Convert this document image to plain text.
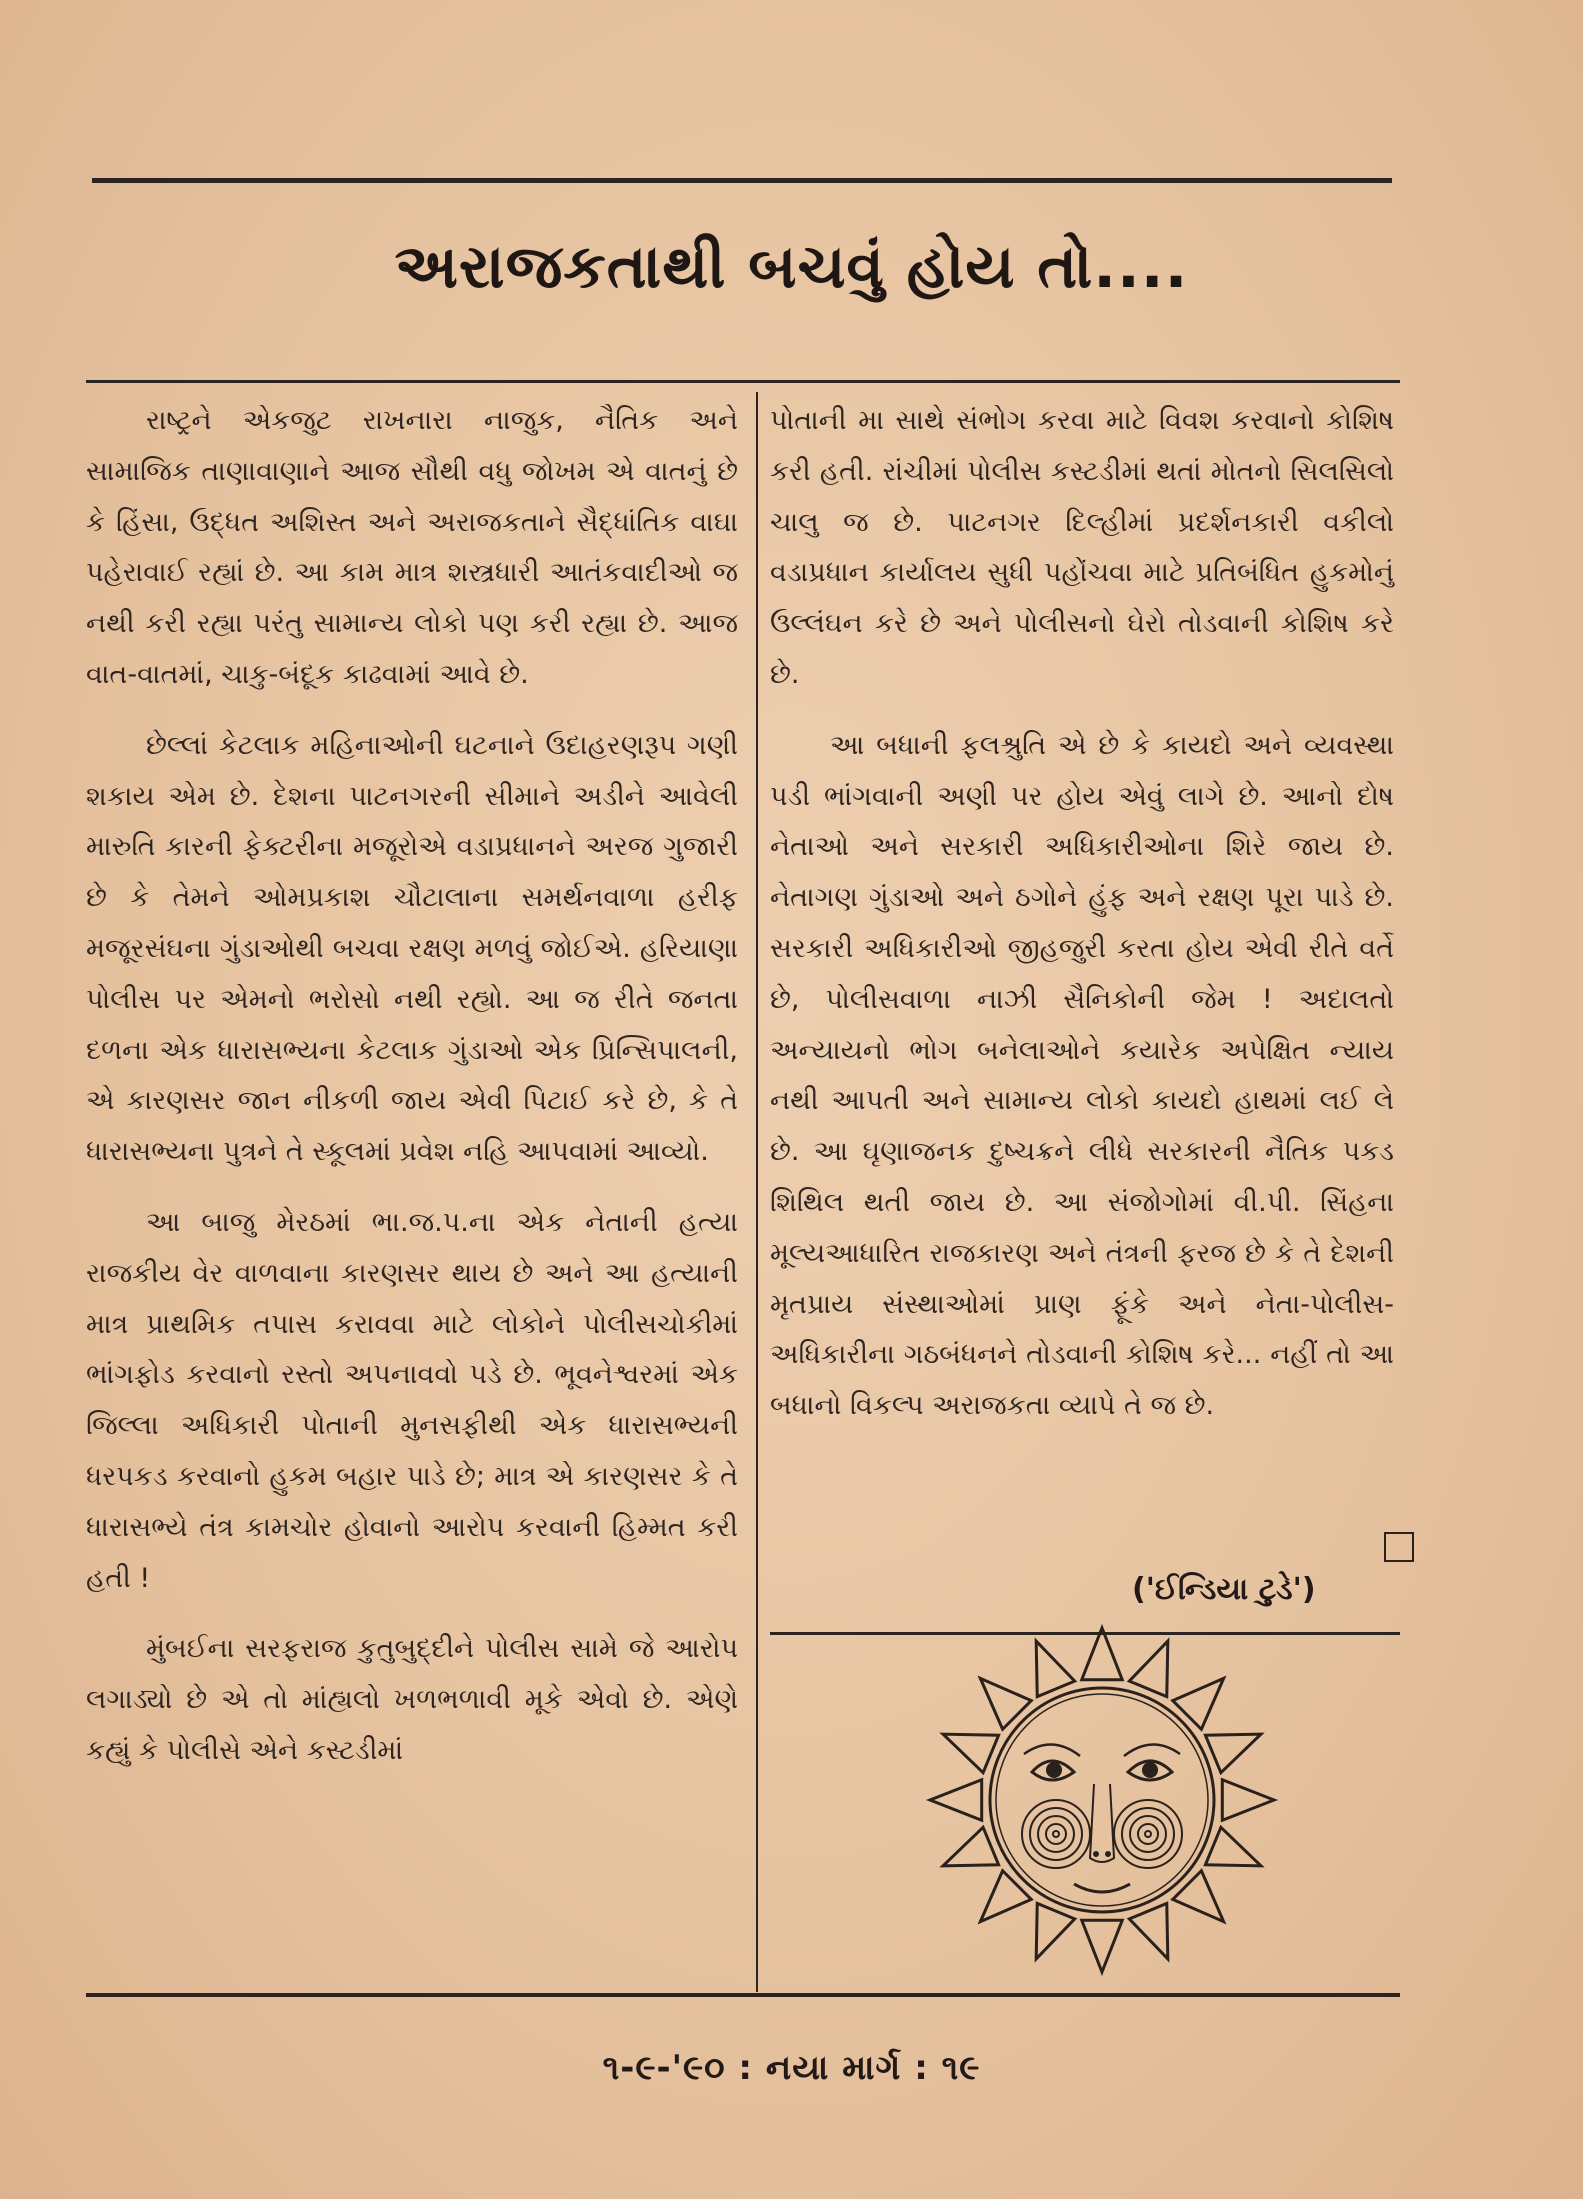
અરાજકતાથી બચવું હોય તો....

રાષ્ટ્રને એકજુટ રાખનારા નાજુક, નૈતિક અને સામાજિક તાણાવાણાને આજ સૌથી વધુ જોખમ એ વાતનું છે કે હિંસા, ઉદ્ધત અશિસ્ત અને અરાજકતાને સૈદ્ધાંતિક વાઘા પહેરાવાઈ રહ્યાં છે. આ કામ માત્ર શસ્ત્રધારી આતંકવાદીઓ જ નથી કરી રહ્યા પરંતુ સામાન્ય લોકો પણ કરી રહ્યા છે. આજ વાત-વાતમાં, ચાકુ-બંદૂક કાઢવામાં આવે છે.

છેલ્લાં કેટલાક મહિનાઓની ઘટનાને ઉદાહરણરૂપ ગણી શકાય એમ છે. દેશના પાટનગરની સીમાને અડીને આવેલી મારુતિ કારની ફેક્ટરીના મજૂરોએ વડાપ્રધાનને અરજ ગુજારી છે કે તેમને ઓમપ્રકાશ ચૌટાલાના સમર્થનવાળા હરીફ મજૂરસંઘના ગુંડાઓથી બચવા રક્ષણ મળવું જોઈએ. હરિયાણા પોલીસ પર એમનો ભરોસો નથી રહ્યો. આ જ રીતે જનતા દળના એક ધારાસભ્યના કેટલાક ગુંડાઓ એક પ્રિન્સિપાલની, એ કારણસર જાન નીકળી જાય એવી પિટાઈ કરે છે, કે તે ધારાસભ્યના પુત્રને તે સ્કૂલમાં પ્રવેશ નહિ આપવામાં આવ્યો.

આ બાજુ મેરઠમાં ભા.જ.પ.ના એક નેતાની હત્યા રાજકીય વેર વાળવાના કારણસર થાય છે અને આ હત્યાની માત્ર પ્રાથમિક તપાસ કરાવવા માટે લોકોને પોલીસચોકીમાં ભાંગફોડ કરવાનો રસ્તો અપનાવવો પડે છે. ભૂવનેશ્વરમાં એક જિલ્લા અધિકારી પોતાની મુનસફીથી એક ધારાસભ્યની ધરપકડ કરવાનો હુકમ બહાર પાડે છે; માત્ર એ કારણસર કે તે ધારાસભ્યે તંત્ર કામચોર હોવાનો આરોપ કરવાની હિમ્મત કરી હતી !

મુંબઈના સરફરાજ કુતુબુદ્દીને પોલીસ સામે જે આરોપ લગાડ્યો છે એ તો માંહ્યલો ખળભળાવી મૂકે એવો છે. એણે કહ્યું કે પોલીસે એને કસ્ટડીમાં

પોતાની મા સાથે સંભોગ કરવા માટે વિવશ કરવાનો કોશિષ કરી હતી. રાંચીમાં પોલીસ કસ્ટડીમાં થતાં મોતનો સિલસિલો ચાલુ જ છે. પાટનગર દિલ્હીમાં પ્રદર્શનકારી વકીલો વડાપ્રધાન કાર્યાલય સુધી પહોંચવા માટે પ્રતિબંધિત હુકમોનું ઉલ્લંઘન કરે છે અને પોલીસનો ઘેરો તોડવાની કોશિષ કરે છે.

આ બધાની ફલશ્રુતિ એ છે કે કાયદો અને વ્યવસ્થા પડી ભાંગવાની અણી પર હોય એવું લાગે છે. આનો દોષ નેતાઓ અને સરકારી અધિકારીઓના શિરે જાય છે. નેતાગણ ગુંડાઓ અને ઠગોને હુંફ અને રક્ષણ પૂરા પાડે છે. સરકારી અધિકારીઓ જીહજુરી કરતા હોય એવી રીતે વર્તે છે, પોલીસવાળા નાઝી સૈનિકોની જેમ ! અદાલતો અન્યાયનો ભોગ બનેલાઓને કયારેક અપેક્ષિત ન્યાય નથી આપતી અને સામાન્ય લોકો કાયદો હાથમાં લઈ લે છે. આ ઘૃણાજનક દુષ્ચક્રને લીધે સરકારની નૈતિક પકડ શિથિલ થતી જાય છે. આ સંજોગોમાં વી.પી. સિંહના મૂલ્યઆધારિત રાજકારણ અને તંત્રની ફરજ છે કે તે દેશની મૃતપ્રાય સંસ્થાઓમાં પ્રાણ ફૂંકે અને નેતા-પોલીસ-અધિકારીના ગઠબંધનને તોડવાની કોશિષ કરે... નહીં તો આ બધાનો વિકલ્પ અરાજકતા વ્યાપે તે જ છે.

('ઈન્ડિયા ટુડે')
૧-૯-'૯૦ : નયા માર્ગ : ૧૯
